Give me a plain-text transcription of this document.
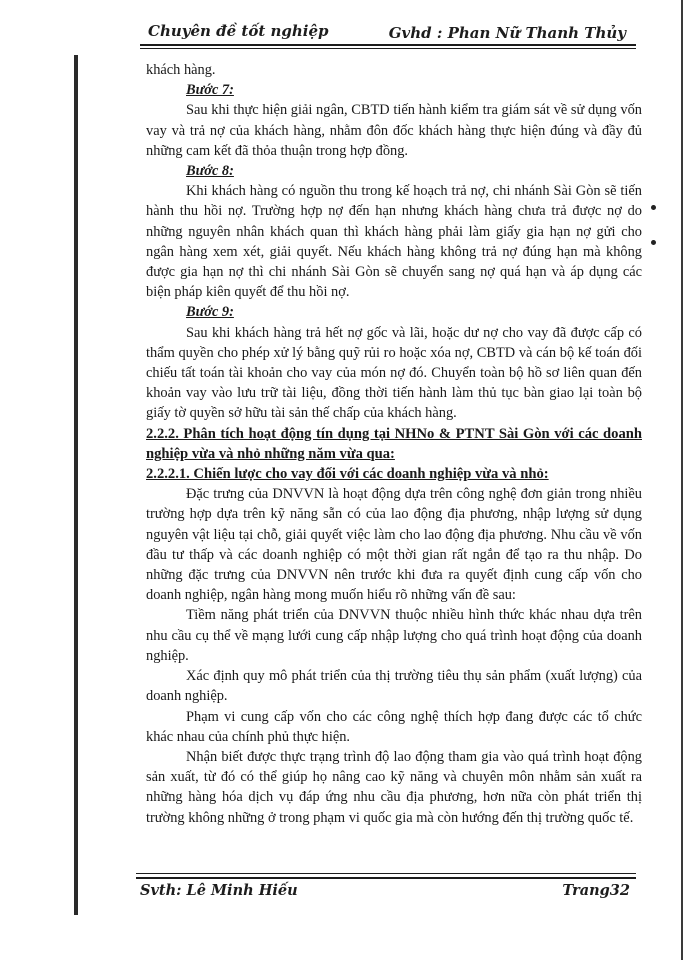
Chuyên đề tốt nghiệp	Gvhd : Phan Nữ Thanh Thủy

khách hàng.

Bước 7:

Sau khi thực hiện giải ngân, CBTD tiến hành kiểm tra giám sát về sử dụng vốn vay và trả nợ của khách hàng, nhằm đôn đốc khách hàng thực hiện đúng và đầy đủ những cam kết đã thỏa thuận trong hợp đồng.

Bước 8:

Khi khách hàng có nguồn thu trong kế hoạch trả nợ, chi nhánh Sài Gòn sẽ tiến hành thu hồi nợ. Trường hợp nợ đến hạn nhưng khách hàng chưa trả được nợ do những nguyên nhân khách quan thì khách hàng phải làm giấy gia hạn nợ gửi cho ngân hàng xem xét, giải quyết. Nếu khách hàng không trả nợ đúng hạn mà không được gia hạn nợ thì chi nhánh Sài Gòn sẽ chuyển sang nợ quá hạn và áp dụng các biện pháp kiên quyết để thu hồi nợ.

Bước 9:

Sau khi khách hàng trả hết nợ gốc và lãi, hoặc dư nợ cho vay đã được cấp có thẩm quyền cho phép xử lý bằng quỹ rủi ro hoặc xóa nợ, CBTD và cán bộ kế toán đối chiếu tất toán tài khoản cho vay của món nợ đó. Chuyển toàn bộ hồ sơ liên quan đến khoản vay vào lưu trữ tài liệu, đồng thời tiến hành làm thủ tục bàn giao lại toàn bộ giấy tờ quyền sở hữu tài sản thế chấp của khách hàng.

2.2.2. Phân tích hoạt động tín dụng tại NHNo & PTNT Sài Gòn với các doanh nghiệp vừa và nhỏ những năm vừa qua:

2.2.2.1. Chiến lược cho vay đối với các doanh nghiệp vừa và nhỏ:

Đặc trưng của DNVVN là hoạt động dựa trên công nghệ đơn giản trong nhiều trường hợp dựa trên kỹ năng sẵn có của lao động địa phương, nhập lượng sử dụng nguyên vật liệu tại chỗ, giải quyết việc làm cho lao động địa phương. Nhu cầu về vốn đầu tư thấp và các doanh nghiệp có một thời gian rất ngắn để tạo ra thu nhập. Do những đặc trưng của DNVVN nên trước khi đưa ra quyết định cung cấp vốn cho doanh nghiệp, ngân hàng mong muốn hiểu rõ những vấn đề sau:

Tiềm năng phát triển của DNVVN thuộc nhiều hình thức khác nhau dựa trên nhu cầu cụ thể về mạng lưới cung cấp nhập lượng cho quá trình hoạt động của doanh nghiệp.

Xác định quy mô phát triển của thị trường tiêu thụ sản phẩm (xuất lượng) của doanh nghiệp.

Phạm vi cung cấp vốn cho các công nghệ thích hợp đang được các tổ chức khác nhau của chính phủ thực hiện.

Nhận biết được thực trạng trình độ lao động tham gia vào quá trình hoạt động sản xuất, từ đó có thể giúp họ nâng cao kỹ năng và chuyên môn nhằm sản xuất ra những hàng hóa dịch vụ đáp ứng nhu cầu địa phương, hơn nữa còn phát triển thị trường không những ở trong phạm vi quốc gia mà còn hướng đến thị trường quốc tế.

Svth: Lê Minh Hiếu	Trang32
